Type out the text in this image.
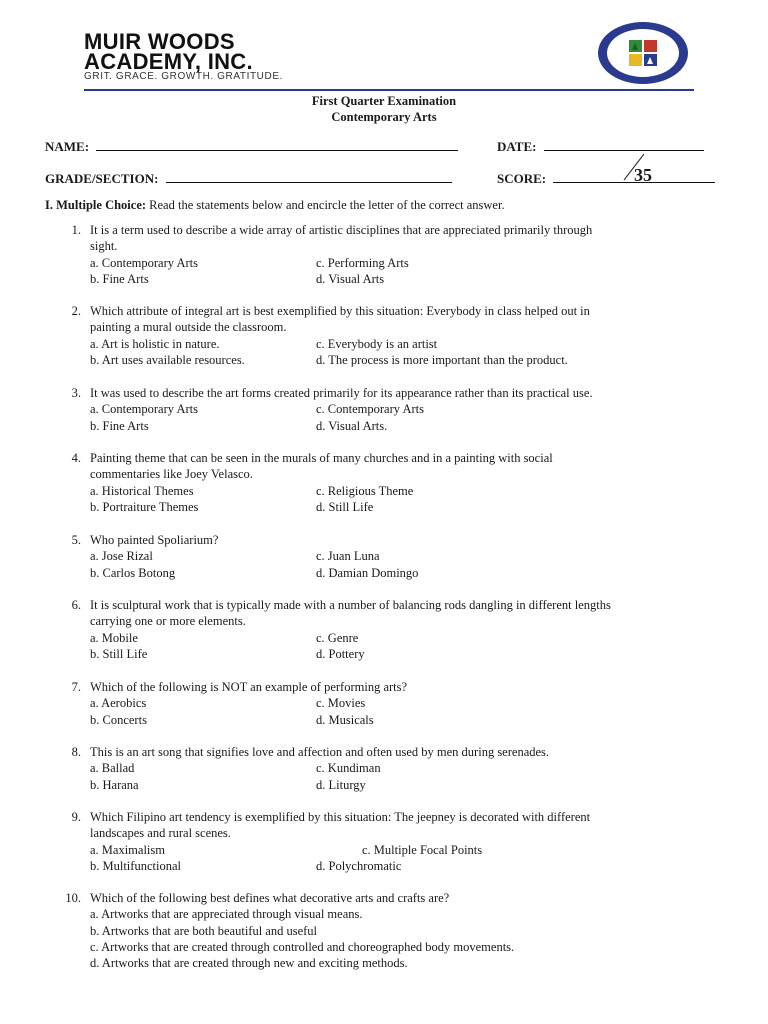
MUIR WOODS
ACADEMY, INC.
GRIT. GRACE. GROWTH. GRATITUDE.
First Quarter Examination
Contemporary Arts
NAME:	DATE:
GRADE/SECTION:	SCORE:	35
I. Multiple Choice: Read the statements below and encircle the letter of the correct answer.
1. It is a term used to describe a wide array of artistic disciplines that are appreciated primarily through
sight.
a. Contemporary Arts	c. Performing Arts
b. Fine Arts	d. Visual Arts
2. Which attribute of integral art is best exemplified by this situation: Everybody in class helped out in
painting a mural outside the classroom.
a. Art is holistic in nature.	c. Everybody is an artist
b. Art uses available resources.	d. The process is more important than the product.
3. It was used to describe the art forms created primarily for its appearance rather than its practical use.
a. Contemporary Arts	c. Contemporary Arts
b. Fine Arts	d. Visual Arts.
4. Painting theme that can be seen in the murals of many churches and in a painting with social
commentaries like Joey Velasco.
a. Historical Themes	c. Religious Theme
b. Portraiture Themes	d. Still Life
5. Who painted Spoliarium?
a. Jose Rizal	c. Juan Luna
b. Carlos Botong	d. Damian Domingo
6. It is sculptural work that is typically made with a number of balancing rods dangling in different lengths
carrying one or more elements.
a. Mobile	c. Genre
b. Still Life	d. Pottery
7. Which of the following is NOT an example of performing arts?
a. Aerobics	c. Movies
b. Concerts	d. Musicals
8. This is an art song that signifies love and affection and often used by men during serenades.
a. Ballad	c. Kundiman
b. Harana	d. Liturgy
9. Which Filipino art tendency is exemplified by this situation: The jeepney is decorated with different
landscapes and rural scenes.
a. Maximalism	c. Multiple Focal Points
b. Multifunctional	d. Polychromatic
10. Which of the following best defines what decorative arts and crafts are?
a. Artworks that are appreciated through visual means.
b. Artworks that are both beautiful and useful
c. Artworks that are created through controlled and choreographed body movements.
d. Artworks that are created through new and exciting methods.
